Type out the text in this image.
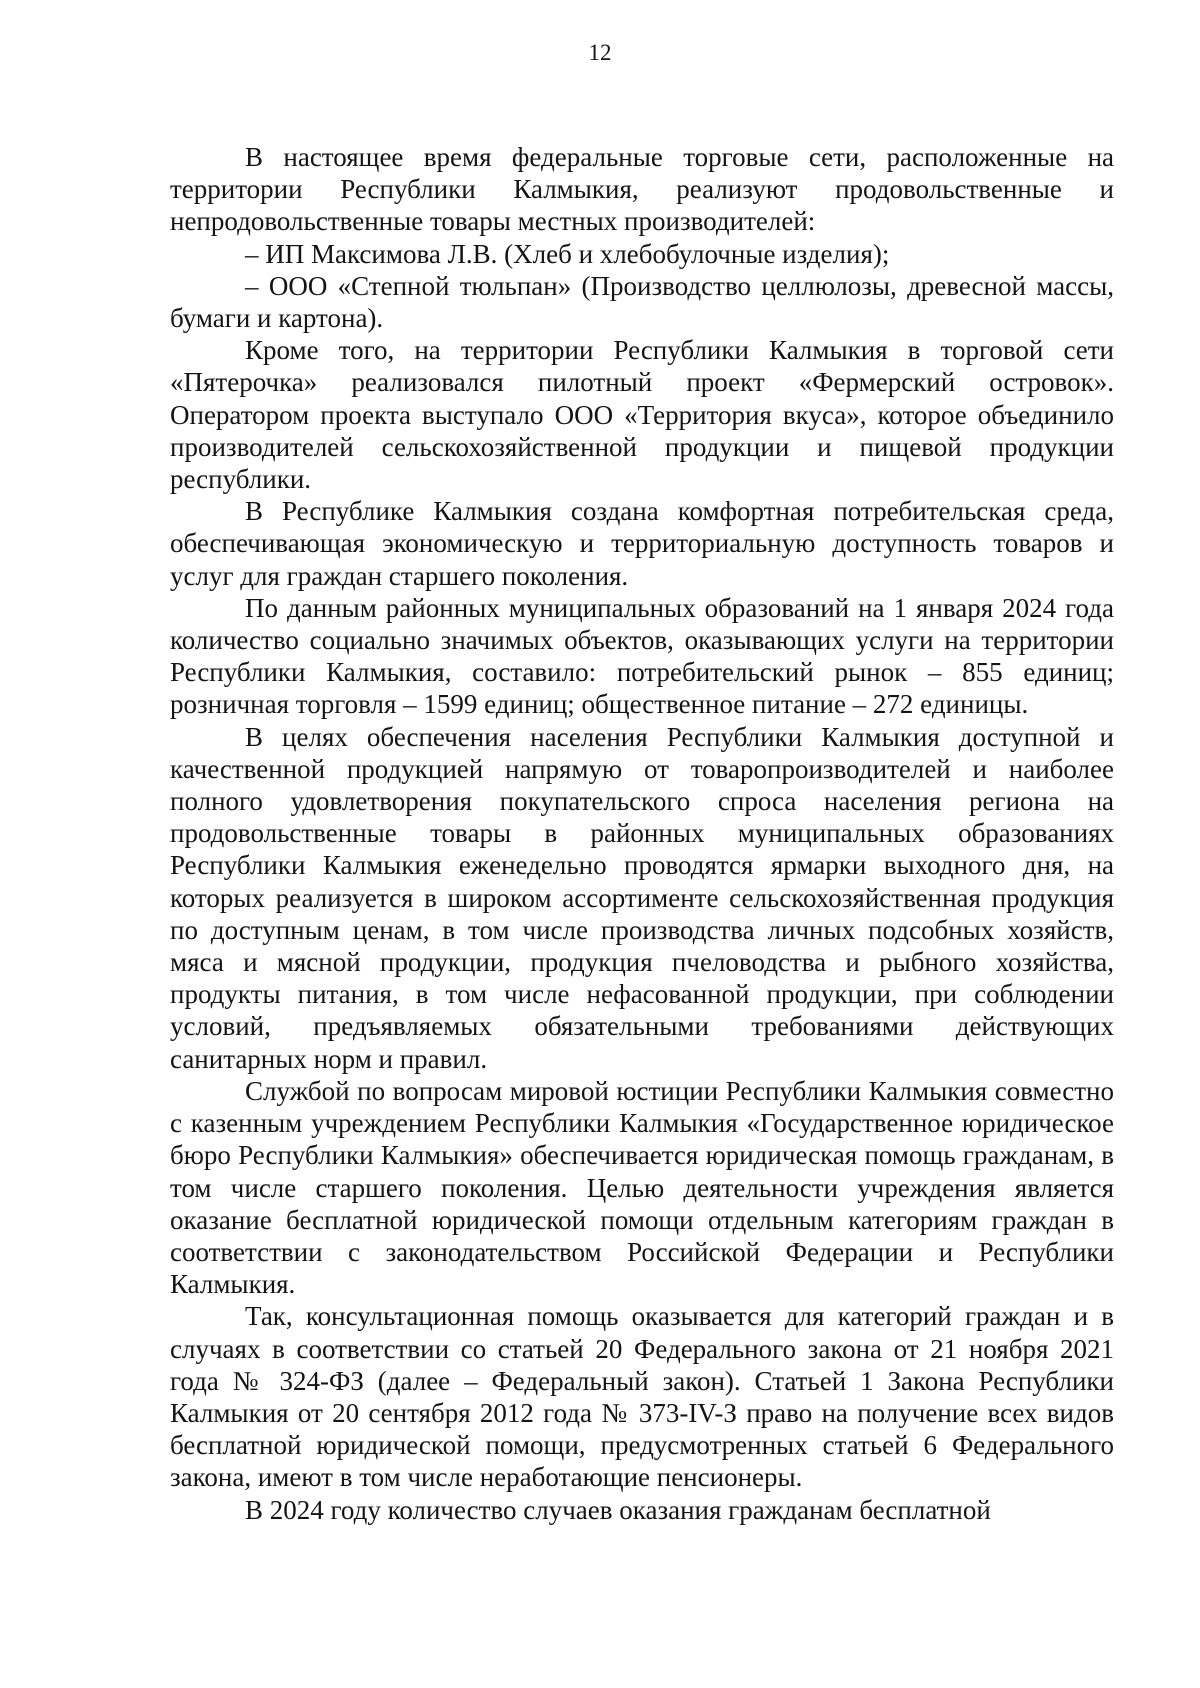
12

В настоящее время федеральные торговые сети, расположенные на территории Республики Калмыкия, реализуют продовольственные и непродовольственные товары местных производителей:

– ИП Максимова Л.В. (Хлеб и хлебобулочные изделия);

– ООО «Степной тюльпан» (Производство целлюлозы, древесной массы, бумаги и картона).

Кроме того, на территории Республики Калмыкия в торговой сети «Пятерочка» реализовался пилотный проект «Фермерский островок». Оператором проекта выступало ООО «Территория вкуса», которое объединило производителей сельскохозяйственной продукции и пищевой продукции республики.

В Республике Калмыкия создана комфортная потребительская среда, обеспечивающая экономическую и территориальную доступность товаров и услуг для граждан старшего поколения.

По данным районных муниципальных образований на 1 января 2024 года количество социально значимых объектов, оказывающих услуги на территории Республики Калмыкия, составило: потребительский рынок – 855 единиц; розничная торговля – 1599 единиц; общественное питание – 272 единицы.

В целях обеспечения населения Республики Калмыкия доступной и качественной продукцией напрямую от товаропроизводителей и наиболее полного удовлетворения покупательского спроса населения региона на продовольственные товары в районных муниципальных образованиях Республики Калмыкия еженедельно проводятся ярмарки выходного дня, на которых реализуется в широком ассортименте сельскохозяйственная продукция по доступным ценам, в том числе производства личных подсобных хозяйств, мяса и мясной продукции, продукция пчеловодства и рыбного хозяйства, продукты питания, в том числе нефасованной продукции, при соблюдении условий, предъявляемых обязательными требованиями действующих санитарных норм и правил.

Службой по вопросам мировой юстиции Республики Калмыкия совместно с казенным учреждением Республики Калмыкия «Государственное юридическое бюро Республики Калмыкия» обеспечивается юридическая помощь гражданам, в том числе старшего поколения. Целью деятельности учреждения является оказание бесплатной юридической помощи отдельным категориям граждан в соответствии с законодательством Российской Федерации и Республики Калмыкия.

Так, консультационная помощь оказывается для категорий граждан и в случаях в соответствии со статьей 20 Федерального закона от 21 ноября 2021 года № 324-ФЗ (далее – Федеральный закон). Статьей 1 Закона Республики Калмыкия от 20 сентября 2012 года № 373-IV-З право на получение всех видов бесплатной юридической помощи, предусмотренных статьей 6 Федерального закона, имеют в том числе неработающие пенсионеры.

В 2024 году количество случаев оказания гражданам бесплатной
